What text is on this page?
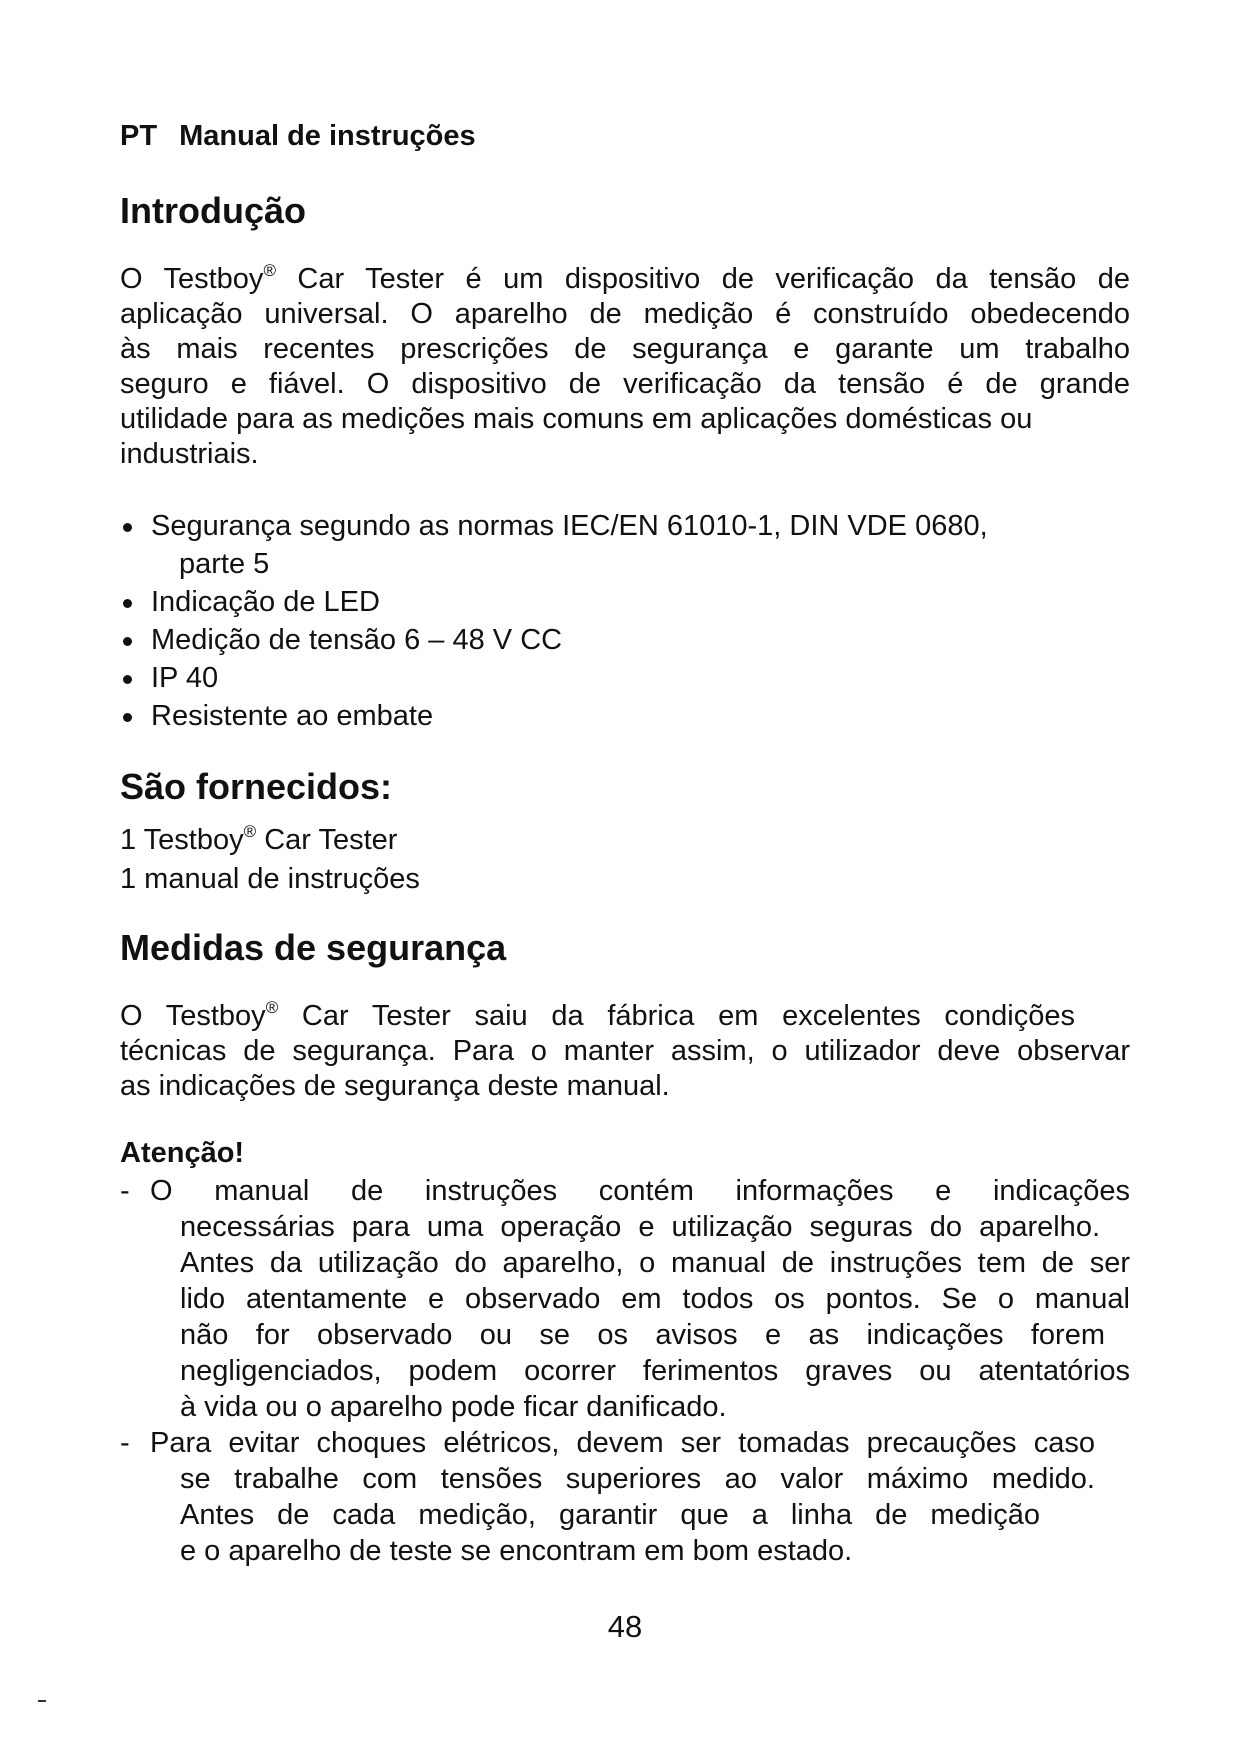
PT Manual de instruções
Introdução
O Testboy® Car Tester é um dispositivo de verificação da tensão de
aplicação universal. O aparelho de medição é construído obedecendo
às mais recentes prescrições de segurança e garante um trabalho
seguro e fiável. O dispositivo de verificação da tensão é de grande
utilidade para as medições mais comuns em aplicações domésticas ou
industriais.
Segurança segundo as normas IEC/EN 61010-1, DIN VDE 0680,
parte 5
Indicação de LED
Medição de tensão 6 – 48 V CC
IP 40
Resistente ao embate
São fornecidos:
1 Testboy® Car Tester
1 manual de instruções
Medidas de segurança
O Testboy® Car Tester saiu da fábrica em excelentes condições
técnicas de segurança. Para o manter assim, o utilizador deve observar
as indicações de segurança deste manual.
Atenção!
- O manual de instruções contém informações e indicações
necessárias para uma operação e utilização seguras do aparelho.
Antes da utilização do aparelho, o manual de instruções tem de ser
lido atentamente e observado em todos os pontos. Se o manual
não for observado ou se os avisos e as indicações forem
negligenciados, podem ocorrer ferimentos graves ou atentatórios
à vida ou o aparelho pode ficar danificado.
- Para evitar choques elétricos, devem ser tomadas precauções caso
se trabalhe com tensões superiores ao valor máximo medido.
Antes de cada medição, garantir que a linha de medição
e o aparelho de teste se encontram em bom estado.
48
